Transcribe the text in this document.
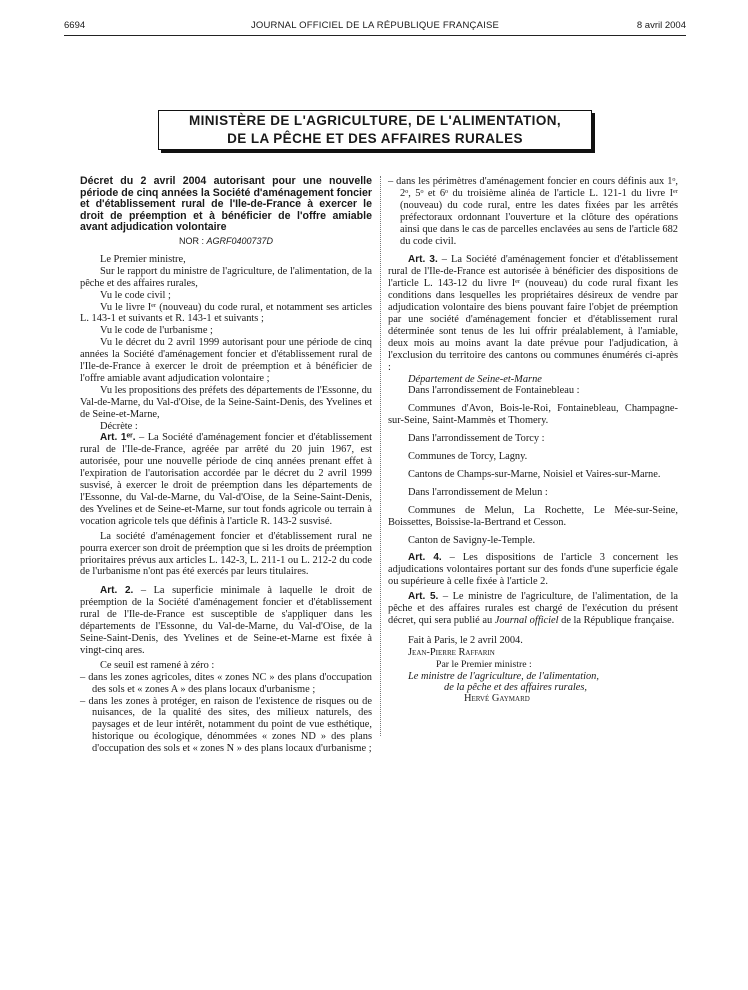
6694	JOURNAL OFFICIEL DE LA RÉPUBLIQUE FRANÇAISE	8 avril 2004
MINISTÈRE DE L'AGRICULTURE, DE L'ALIMENTATION,
DE LA PÊCHE ET DES AFFAIRES RURALES

Décret du 2 avril 2004 autorisant pour une nouvelle période de cinq années la Société d'aménagement foncier et d'établissement rural de l'Ile-de-France à exercer le droit de préemption et à bénéficier de l'offre amiable avant adjudication volontaire

NOR : AGRF0400737D

Le Premier ministre,

Sur le rapport du ministre de l'agriculture, de l'alimentation, de la pêche et des affaires rurales,

Vu le code civil ;

Vu le livre Iᵉʳ (nouveau) du code rural, et notamment ses articles L. 143-1 et suivants et R. 143-1 et suivants ;

Vu le code de l'urbanisme ;

Vu le décret du 2 avril 1999 autorisant pour une période de cinq années la Société d'aménagement foncier et d'établissement rural de l'Ile-de-France à exercer le droit de préemption et à bénéficier de l'offre amiable avant adjudication volontaire ;

Vu les propositions des préfets des départements de l'Essonne, du Val-de-Marne, du Val-d'Oise, de la Seine-Saint-Denis, des Yvelines et de Seine-et-Marne,

Décrète :

Art. 1ᵉʳ. – La Société d'aménagement foncier et d'établissement rural de l'Ile-de-France, agréée par arrêté du 20 juin 1967, est autorisée, pour une nouvelle période de cinq années prenant effet à l'expiration de l'autorisation accordée par le décret du 2 avril 1999 susvisé, à exercer le droit de préemption dans les départements de l'Essonne, du Val-de-Marne, du Val-d'Oise, de la Seine-Saint-Denis, des Yvelines et de Seine-et-Marne, sur tout fonds agricole ou terrain à vocation agricole tels que définis à l'article R. 143-2 susvisé.

La société d'aménagement foncier et d'établissement rural ne pourra exercer son droit de préemption que si les droits de préemption prioritaires prévus aux articles L. 142-3, L. 211-1 ou L. 212-2 du code de l'urbanisme n'ont pas été exercés par leurs titulaires.

Art. 2. – La superficie minimale à laquelle le droit de préemption de la Société d'aménagement foncier et d'établissement rural de l'Ile-de-France est susceptible de s'appliquer dans les départements de l'Essonne, du Val-de-Marne, du Val-d'Oise, de la Seine-Saint-Denis, des Yvelines et de Seine-et-Marne est fixée à vingt-cinq ares.

Ce seuil est ramené à zéro :

– dans les zones agricoles, dites « zones NC » des plans d'occupation des sols et « zones A » des plans locaux d'urbanisme ;

– dans les zones à protéger, en raison de l'existence de risques ou de nuisances, de la qualité des sites, des milieux naturels, des paysages et de leur intérêt, notamment du point de vue esthétique, historique ou écologique, dénommées « zones ND » des plans d'occupation des sols et « zones N » des plans locaux d'urbanisme ;

– dans les périmètres d'aménagement foncier en cours définis aux 1ᵒ, 2ᵒ, 5ᵒ et 6ᵒ du troisième alinéa de l'article L. 121-1 du livre Iᵉʳ (nouveau) du code rural, entre les dates fixées par les arrêtés préfectoraux ordonnant l'ouverture et la clôture des opérations ainsi que dans le cas de parcelles enclavées au sens de l'article 682 du code civil.

Art. 3. – La Société d'aménagement foncier et d'établissement rural de l'Ile-de-France est autorisée à bénéficier des dispositions de l'article L. 143-12 du livre Iᵉʳ (nouveau) du code rural fixant les conditions dans lesquelles les propriétaires désireux de vendre par adjudication volontaire des biens pouvant faire l'objet de préemption par une société d'aménagement foncier et d'établissement rural déterminée sont tenus de les lui offrir préalablement, à l'amiable, deux mois au moins avant la date prévue pour l'adjudication, à l'exclusion du territoire des cantons ou communes énumérés ci-après :

Département de Seine-et-Marne

Dans l'arrondissement de Fontainebleau :

Communes d'Avon, Bois-le-Roi, Fontainebleau, Champagne-sur-Seine, Saint-Mammès et Thomery.

Dans l'arrondissement de Torcy :

Communes de Torcy, Lagny.

Cantons de Champs-sur-Marne, Noisiel et Vaires-sur-Marne.

Dans l'arrondissement de Melun :

Communes de Melun, La Rochette, Le Mée-sur-Seine, Boissettes, Boissise-la-Bertrand et Cesson.

Canton de Savigny-le-Temple.

Art. 4. – Les dispositions de l'article 3 concernent les adjudications volontaires portant sur des fonds d'une superficie égale ou supérieure à celle fixée à l'article 2.

Art. 5. – Le ministre de l'agriculture, de l'alimentation, de la pêche et des affaires rurales est chargé de l'exécution du présent décret, qui sera publié au Journal officiel de la République française.

Fait à Paris, le 2 avril 2004.

Jean-Pierre Raffarin

Par le Premier ministre :

Le ministre de l'agriculture, de l'alimentation,
de la pêche et des affaires rurales,
Hervé Gaymard
